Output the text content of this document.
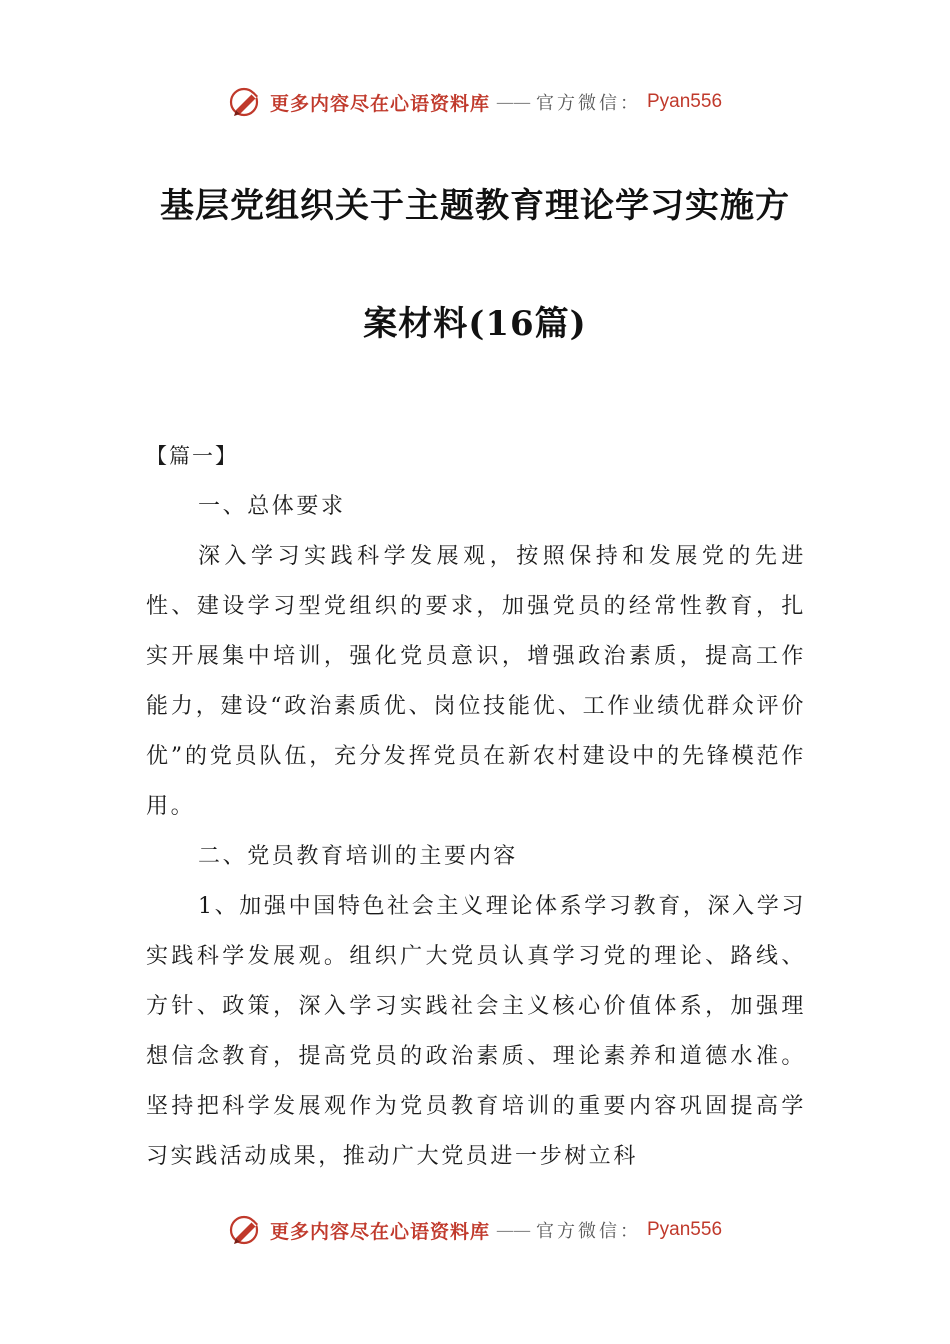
更多内容尽在心语资料库 —— 官方微信： Pyan556
基层党组织关于主题教育理论学习实施方
案材料(16篇)
【篇一】

一、总体要求

深入学习实践科学发展观，按照保持和发展党的先进性、建设学习型党组织的要求，加强党员的经常性教育，扎实开展集中培训，强化党员意识，增强政治素质，提高工作能力，建设“政治素质优、岗位技能优、工作业绩优群众评价优”的党员队伍，充分发挥党员在新农村建设中的先锋模范作用。

二、党员教育培训的主要内容

1、加强中国特色社会主义理论体系学习教育，深入学习实践科学发展观。组织广大党员认真学习党的理论、路线、方针、政策，深入学习实践社会主义核心价值体系，加强理想信念教育，提高党员的政治素质、理论素养和道德水准。坚持把科学发展观作为党员教育培训的重要内容巩固提高学习实践活动成果，推动广大党员进一步树立科

更多内容尽在心语资料库 —— 官方微信： Pyan556
